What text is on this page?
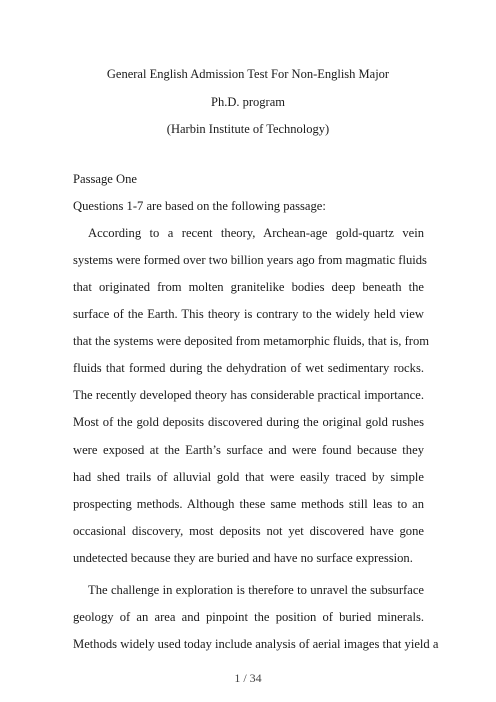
General English Admission Test For Non-English Major
Ph.D. program
(Harbin Institute of Technology)
Passage One
Questions 1-7 are based on the following passage:
According to a recent theory, Archean-age gold-quartz vein
systems were formed over two billion years ago from magmatic fluids
that originated from molten granitelike bodies deep beneath the
surface of the Earth. This theory is contrary to the widely held view
that the systems were deposited from metamorphic fluids, that is, from
fluids that formed during the dehydration of wet sedimentary rocks.
The recently developed theory has considerable practical importance.
Most of the gold deposits discovered during the original gold rushes
were exposed at the Earth’s surface and were found because they
had shed trails of alluvial gold that were easily traced by simple
prospecting methods. Although these same methods still leas to an
occasional discovery, most deposits not yet discovered have gone
undetected because they are buried and have no surface expression.
The challenge in exploration is therefore to unravel the subsurface
geology of an area and pinpoint the position of buried minerals.
Methods widely used today include analysis of aerial images that yield a
1 / 34
